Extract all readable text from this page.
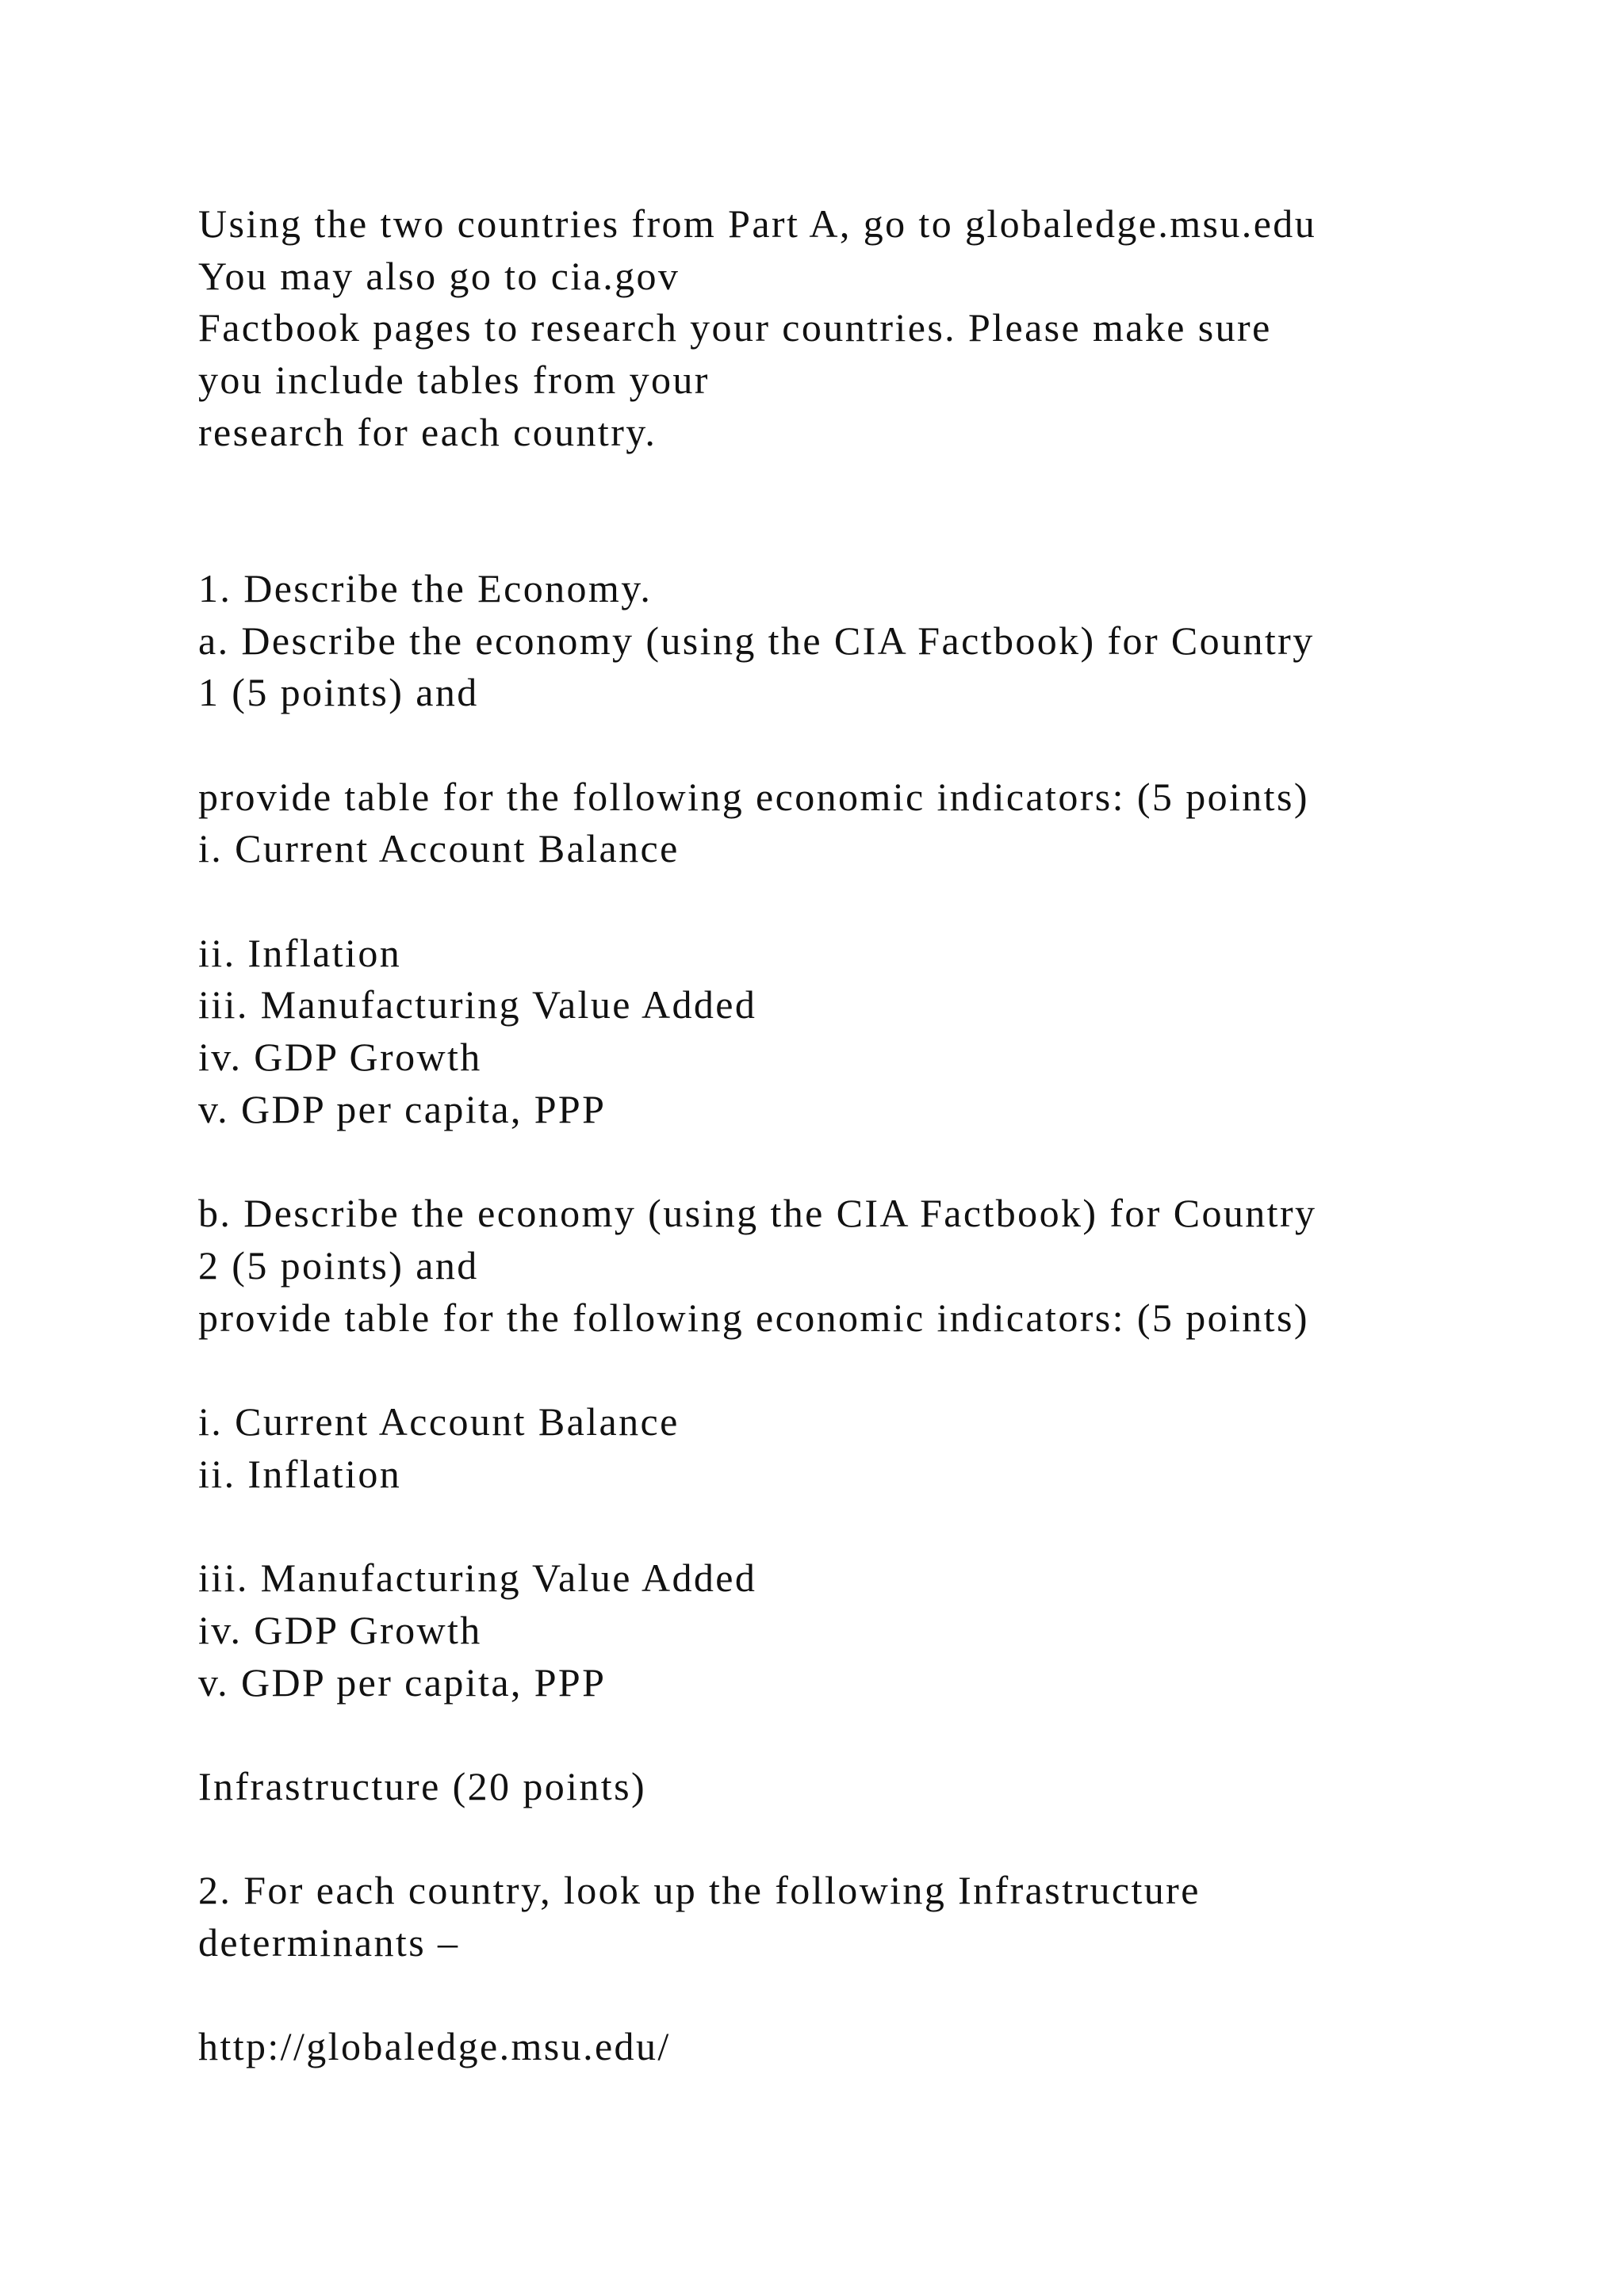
Using the two countries from Part A, go to globaledge.msu.edu
You may also go to cia.gov
Factbook pages to research your countries. Please make sure
you include tables from your
research for each country.
1. Describe the Economy.
a. Describe the economy (using the CIA Factbook) for Country
1 (5 points) and
provide table for the following economic indicators: (5 points)
i. Current Account Balance
ii. Inflation
iii. Manufacturing Value Added
iv. GDP Growth
v. GDP per capita, PPP
b. Describe the economy (using the CIA Factbook) for Country
2 (5 points) and
provide table for the following economic indicators: (5 points)
i. Current Account Balance
ii. Inflation
iii. Manufacturing Value Added
iv. GDP Growth
v. GDP per capita, PPP
Infrastructure (20 points)
2. For each country, look up the following Infrastructure
determinants –
http://globaledge.msu.edu/
